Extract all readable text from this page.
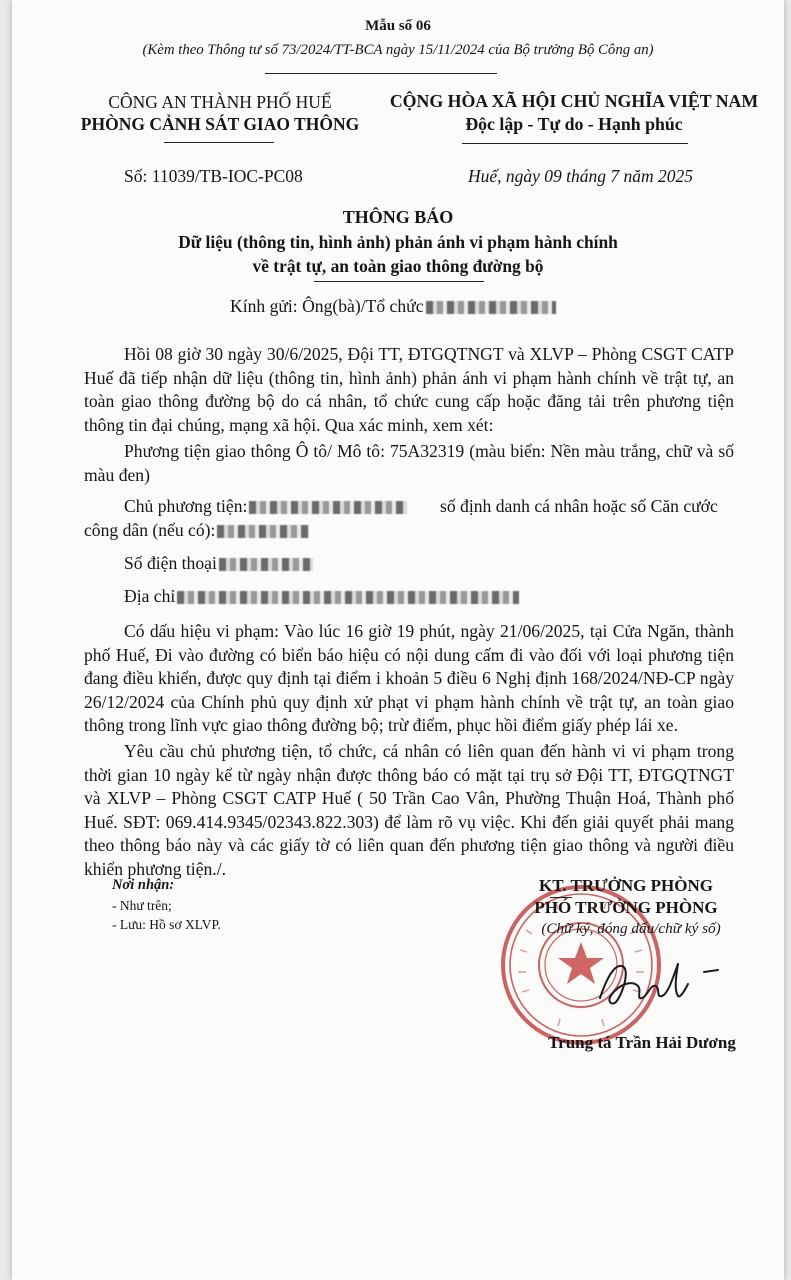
Mẫu số 06
(Kèm theo Thông tư số 73/2024/TT-BCA ngày 15/11/2024 của Bộ trưởng Bộ Công an)
CÔNG AN THÀNH PHỐ HUẾ
PHÒNG CẢNH SÁT GIAO THÔNG
CỘNG HÒA XÃ HỘI CHỦ NGHĨA VIỆT NAM
Độc lập - Tự do - Hạnh phúc
Số: 11039/TB-IOC-PC08	Huế, ngày 09 tháng 7 năm 2025
THÔNG BÁO
Dữ liệu (thông tin, hình ảnh) phản ánh vi phạm hành chính
về trật tự, an toàn giao thông đường bộ
Kính gửi: Ông(bà)/Tổ chức
Hồi 08 giờ 30 ngày 30/6/2025, Đội TT, ĐTGQTNGT và XLVP – Phòng CSGT CATP Huế đã tiếp nhận dữ liệu (thông tin, hình ảnh) phản ánh vi phạm hành chính về trật tự, an toàn giao thông đường bộ do cá nhân, tổ chức cung cấp hoặc đăng tải trên phương tiện thông tin đại chúng, mạng xã hội. Qua xác minh, xem xét:
Phương tiện giao thông Ô tô/ Mô tô: 75A32319 (màu biển: Nền màu trắng, chữ và số màu đen)
Chủ phương tiện:	số định danh cá nhân hoặc số Căn cước
công dân (nếu có):
Số điện thoại
Địa chỉ
Có dấu hiệu vi phạm: Vào lúc 16 giờ 19 phút, ngày 21/06/2025, tại Cửa Ngăn, thành phố Huế, Đi vào đường có biển báo hiệu có nội dung cấm đi vào đối với loại phương tiện đang điều khiển, được quy định tại điểm i khoản 5 điều 6 Nghị định 168/2024/NĐ-CP ngày 26/12/2024 của Chính phủ quy định xử phạt vi phạm hành chính về trật tự, an toàn giao thông trong lĩnh vực giao thông đường bộ; trừ điểm, phục hồi điểm giấy phép lái xe.
Yêu cầu chủ phương tiện, tổ chức, cá nhân có liên quan đến hành vi vi phạm trong thời gian 10 ngày kể từ ngày nhận được thông báo có mặt tại trụ sở Đội TT, ĐTGQTNGT và XLVP – Phòng CSGT CATP Huế ( 50 Trần Cao Vân, Phường Thuận Hoá, Thành phố Huế. SĐT: 069.414.9345/02343.822.303) để làm rõ vụ việc. Khi đến giải quyết phải mang theo thông báo này và các giấy tờ có liên quan đến phương tiện giao thông và người điều khiển phương tiện./.
Nơi nhận:
- Như trên;
- Lưu: Hồ sơ XLVP.
KT. TRƯỞNG PHÒNG
PHÓ TRƯỞNG PHÒNG
(Chữ ký, đóng dấu/chữ ký số)
Trung tá Trần Hải Dương
